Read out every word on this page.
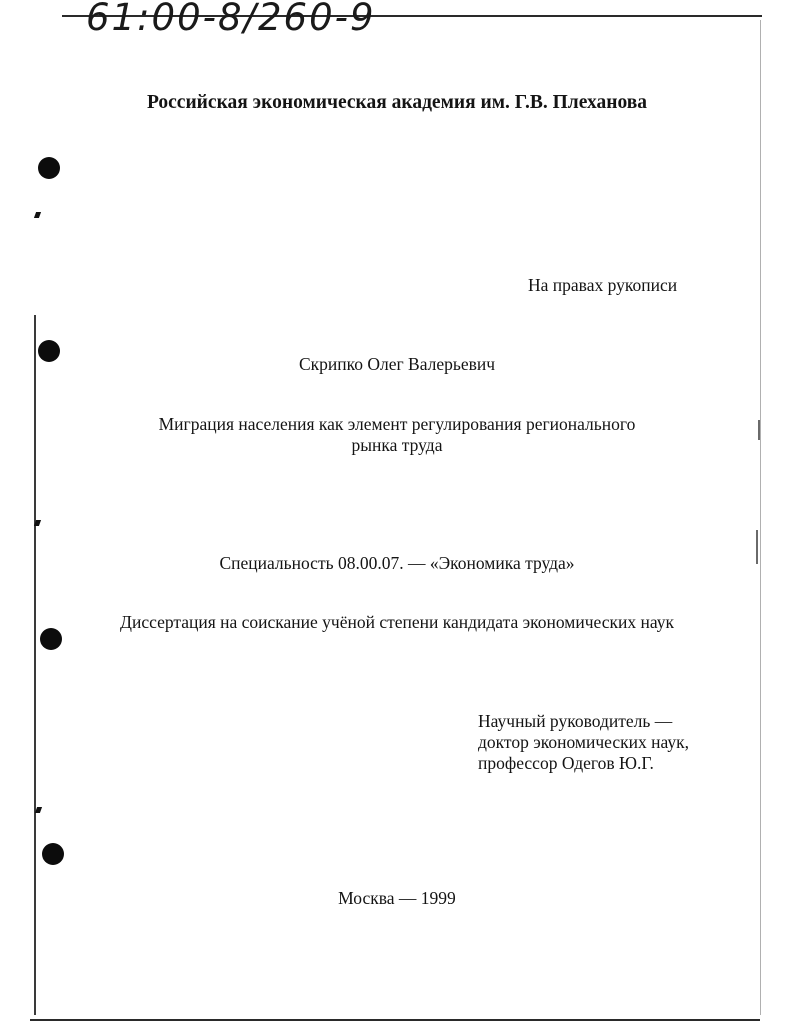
61:00-8/260-9
Российская экономическая академия им. Г.В. Плеханова
На правах рукописи
Скрипко Олег Валерьевич
Миграция населения как элемент регулирования регионального
рынка труда
Специальность 08.00.07. — «Экономика труда»
Диссертация на соискание учёной степени кандидата экономических наук
Научный руководитель —
доктор экономических наук,
профессор Одегов Ю.Г.
Москва — 1999
